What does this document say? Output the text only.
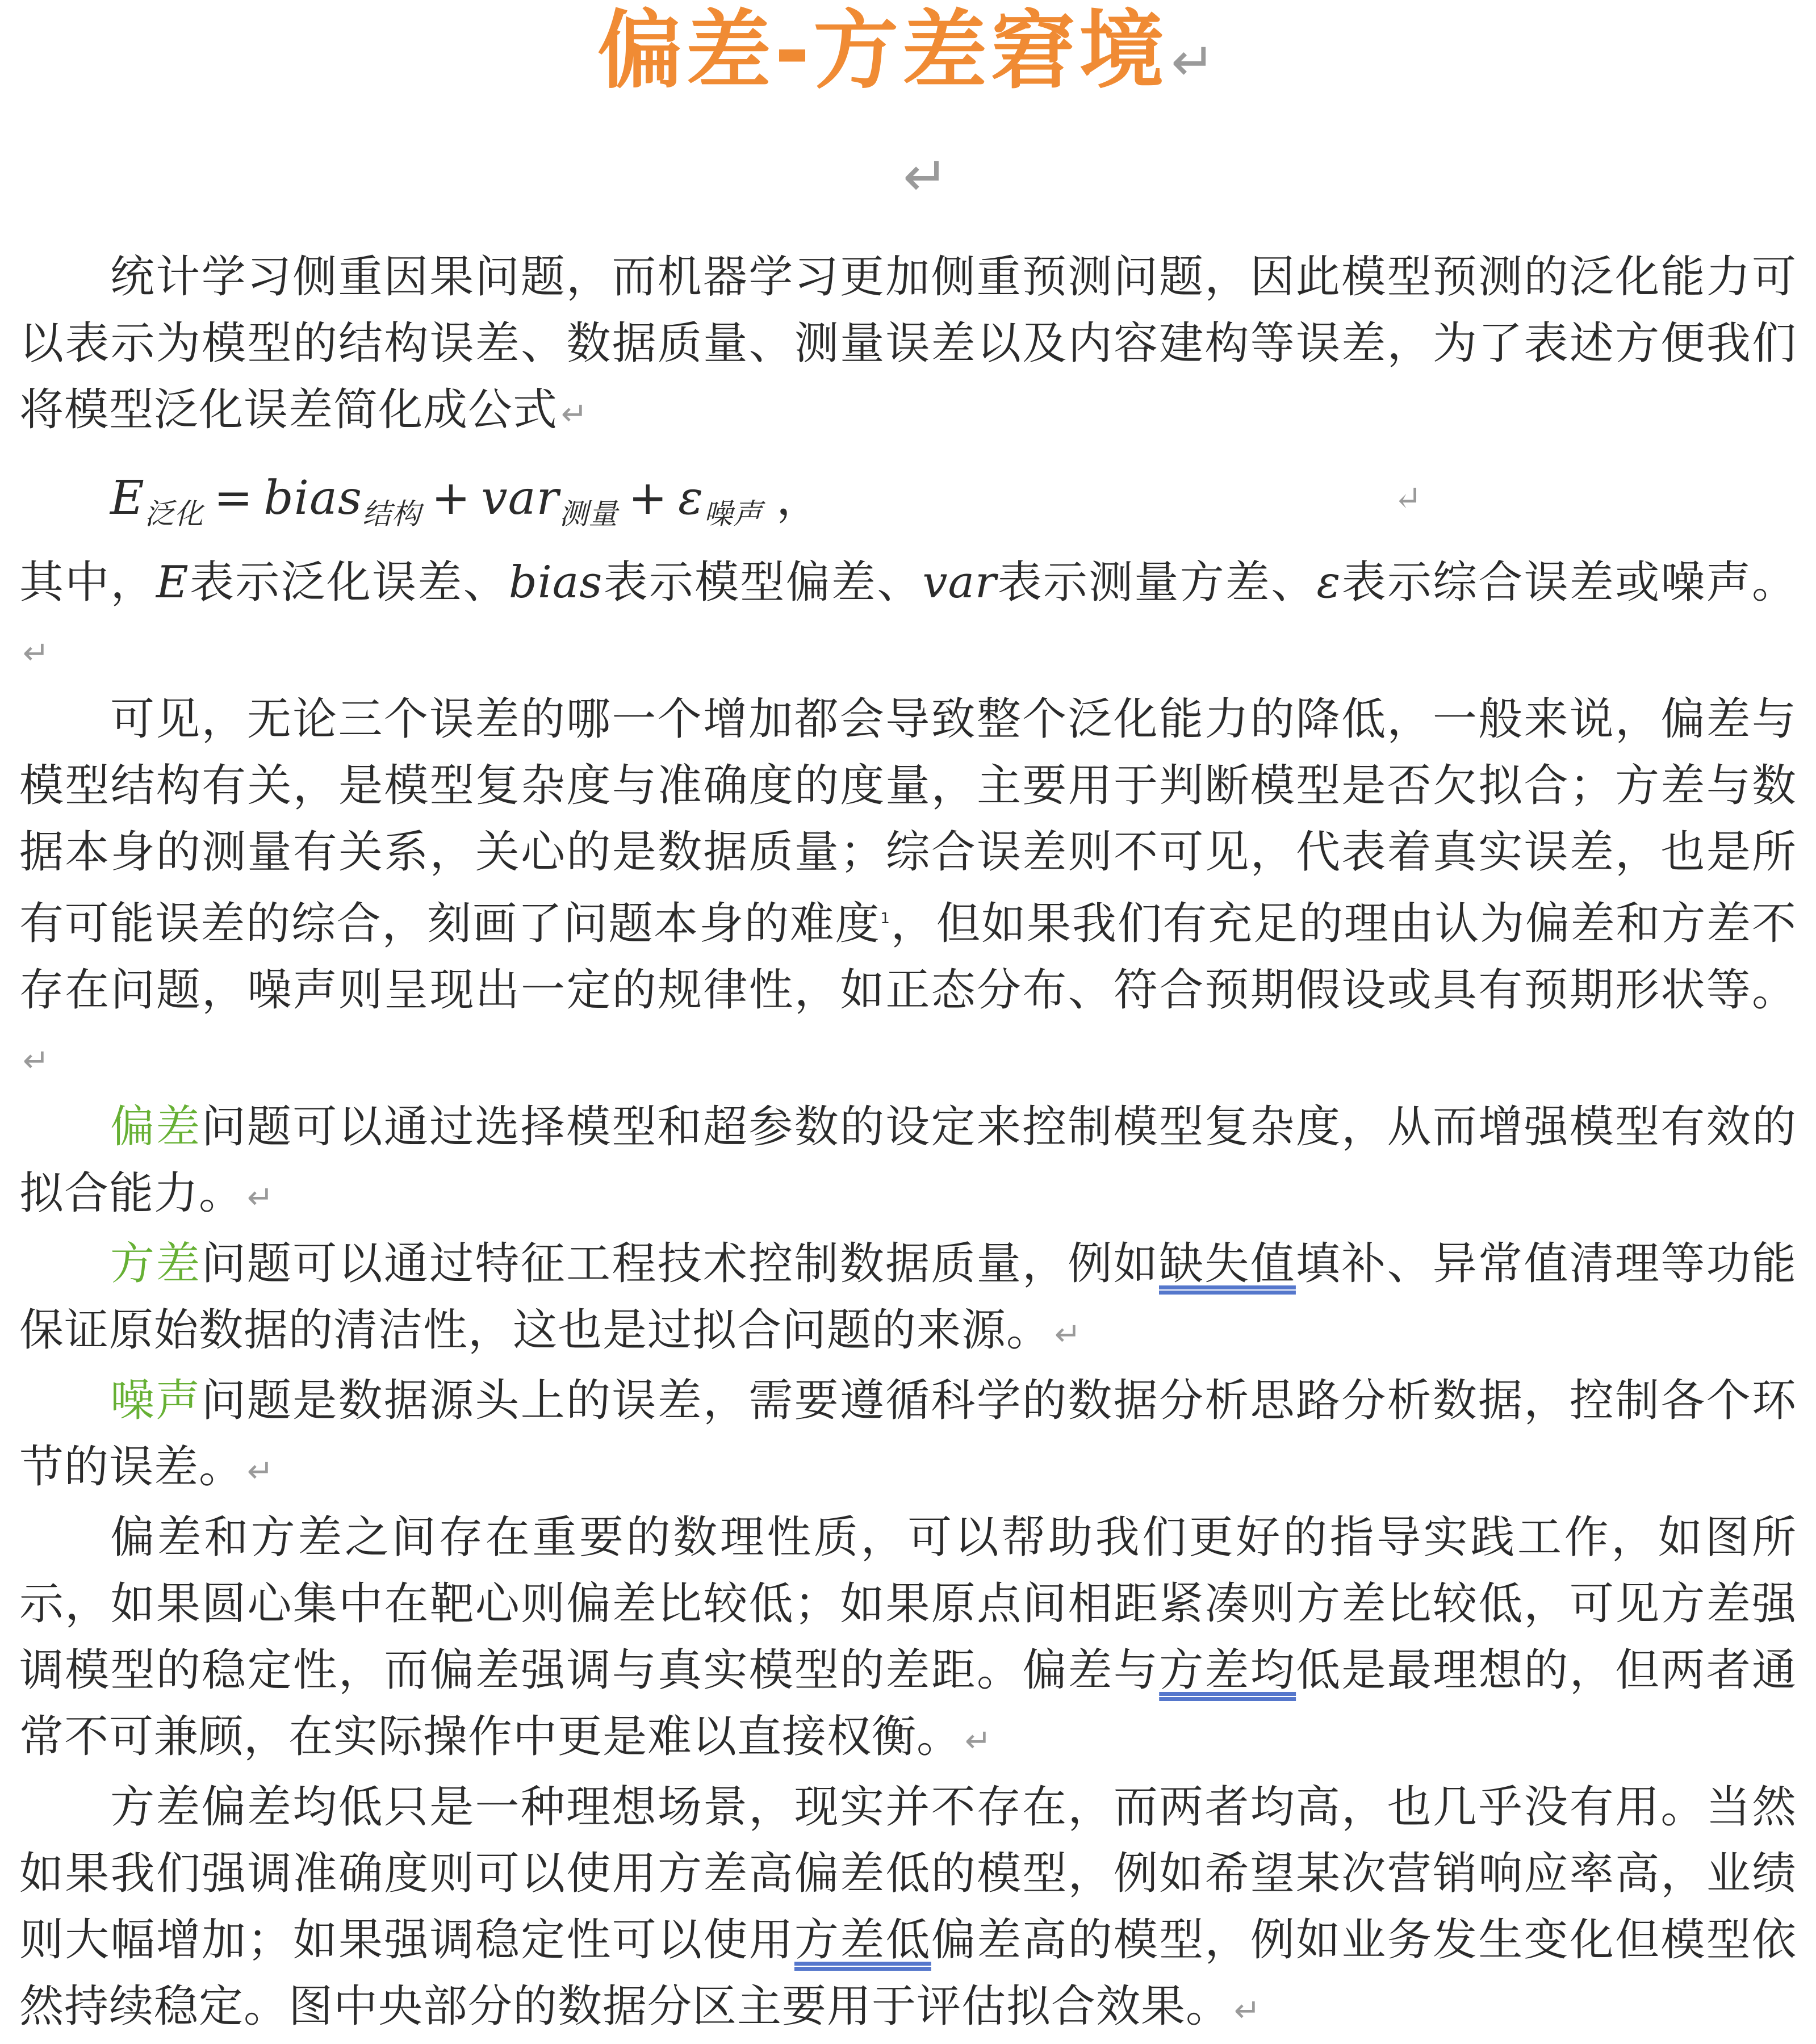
偏差-方差窘境↵
↵

统计学习侧重因果问题，而机器学习更加侧重预测问题，因此模型预测的泛化能力可以表示为模型的结构误差、数据质量、测量误差以及内容建构等误差，为了表述方便我们将模型泛化误差简化成公式 ↵

$E_{泛化}$ = bias$_{结构}$ + $var_{测量} + \varepsilon_{噪声}$ ，	↵

其中，E表示泛化误差、bias表示模型偏差、var表示测量方差、ε表示综合误差或噪声。↵

可见，无论三个误差的哪一个增加都会导致整个泛化能力的降低，一般来说，偏差与模型结构有关，是模型复杂度与准确度的度量，主要用于判断模型是否欠拟合；方差与数据本身的测量有关系，关心的是数据质量；综合误差则不可见，代表着真实误差，也是所有可能误差的综合，刻画了问题本身的难度$^1$，但如果我们有充足的理由认为偏差和方差不存在问题，噪声则呈现出一定的规律性，如正态分布、符合预期假设或具有预期形状等。↵

偏差问题可以通过选择模型和超参数的设定来控制模型复杂度，从而增强模型有效的拟合能力。 ↵

方差问题可以通过特征工程技术控制数据质量，例如缺失值填补、异常值清理等功能保证原始数据的清洁性，这也是过拟合问题的来源。 ↵

噪声问题是数据源头上的误差，需要遵循科学的数据分析思路分析数据，控制各个环节的误差。 ↵

偏差和方差之间存在重要的数理性质，可以帮助我们更好的指导实践工作，如图所示，如果圆心集中在靶心则偏差比较低；如果原点间相距紧凑则方差比较低，可见方差强调模型的稳定性，而偏差强调与真实模型的差距。偏差与方差均低是最理想的，但两者通常不可兼顾，在实际操作中更是难以直接权衡。 ↵

方差偏差均低只是一种理想场景，现实并不存在，而两者均高，也几乎没有用。当然如果我们强调准确度则可以使用方差高偏差低的模型，例如希望某次营销响应率高，业绩则大幅增加；如果强调稳定性可以使用方差低偏差高的模型，例如业务发生变化但模型依然持续稳定。图中央部分的数据分区主要用于评估拟合效果。 ↵
